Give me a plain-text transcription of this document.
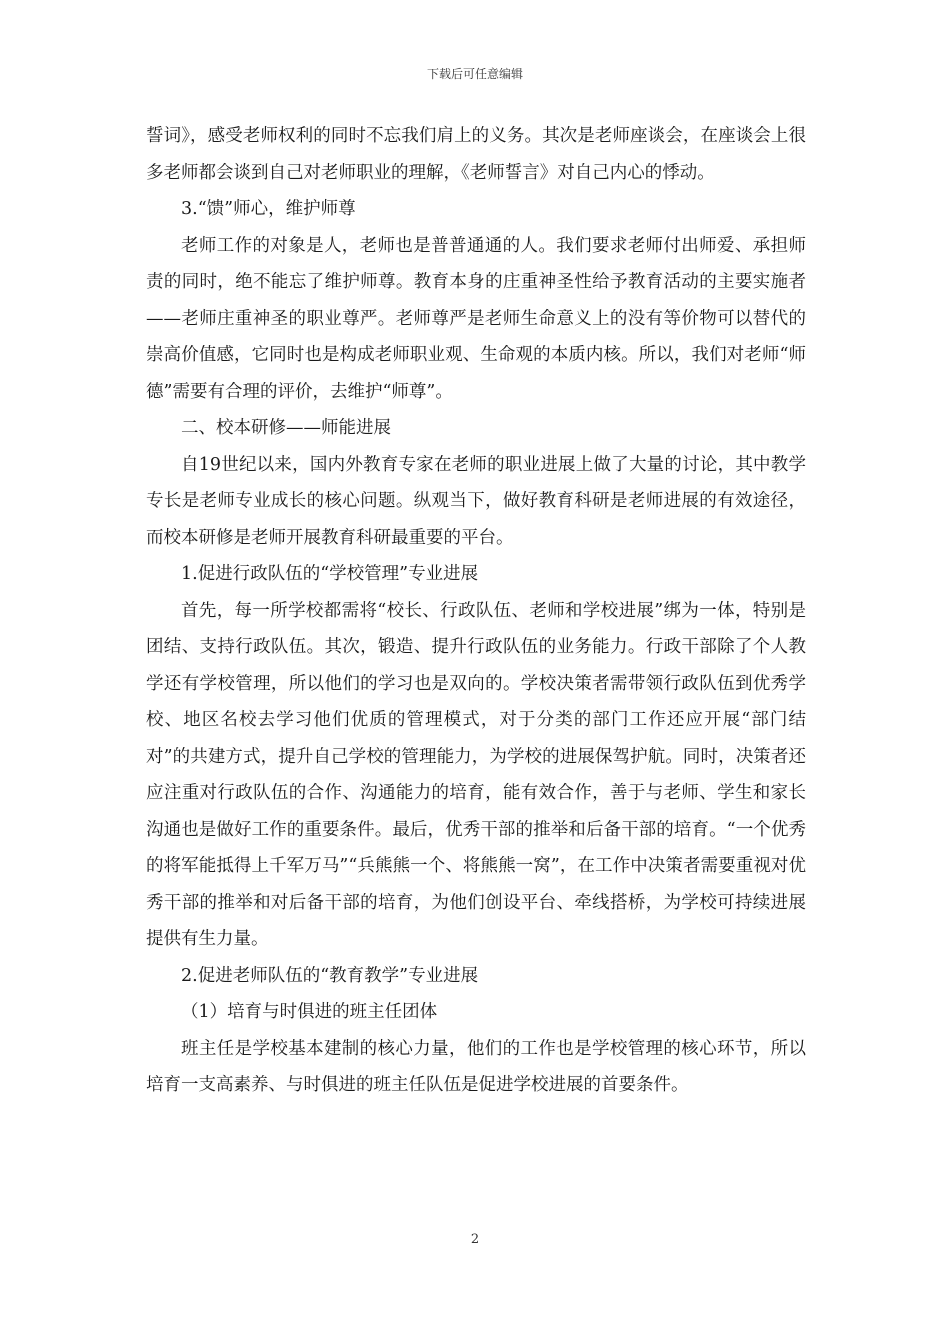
下载后可任意编辑

誓词》，感受老师权利的同时不忘我们肩上的义务。其次是老师座谈会，在座谈会上很多老师都会谈到自己对老师职业的理解，《老师誓言》对自己内心的悸动。

3.“馈”师心，维护师尊

老师工作的对象是人，老师也是普普通通的人。我们要求老师付出师爱、承担师责的同时，绝不能忘了维护师尊。教育本身的庄重神圣性给予教育活动的主要实施者——老师庄重神圣的职业尊严。老师尊严是老师生命意义上的没有等价物可以替代的崇高价值感，它同时也是构成老师职业观、生命观的本质内核。所以，我们对老师“师德”需要有合理的评价，去维护“师尊”。

二、校本研修——师能进展

自19世纪以来，国内外教育专家在老师的职业进展上做了大量的讨论，其中教学专长是老师专业成长的核心问题。纵观当下，做好教育科研是老师进展的有效途径，而校本研修是老师开展教育科研最重要的平台。

1.促进行政队伍的“学校管理”专业进展

首先，每一所学校都需将“校长、行政队伍、老师和学校进展”绑为一体，特别是团结、支持行政队伍。其次，锻造、提升行政队伍的业务能力。行政干部除了个人教学还有学校管理，所以他们的学习也是双向的。学校决策者需带领行政队伍到优秀学校、地区名校去学习他们优质的管理模式，对于分类的部门工作还应开展“部门结对”的共建方式，提升自己学校的管理能力，为学校的进展保驾护航。同时，决策者还应注重对行政队伍的合作、沟通能力的培育，能有效合作，善于与老师、学生和家长沟通也是做好工作的重要条件。最后，优秀干部的推举和后备干部的培育。“一个优秀的将军能抵得上千军万马”“兵熊熊一个、将熊熊一窝”，在工作中决策者需要重视对优秀干部的推举和对后备干部的培育，为他们创设平台、牵线搭桥，为学校可持续进展提供有生力量。

2.促进老师队伍的“教育教学”专业进展

（1）培育与时俱进的班主任团体

班主任是学校基本建制的核心力量，他们的工作也是学校管理的核心环节，所以培育一支高素养、与时俱进的班主任队伍是促进学校进展的首要条件。

2
